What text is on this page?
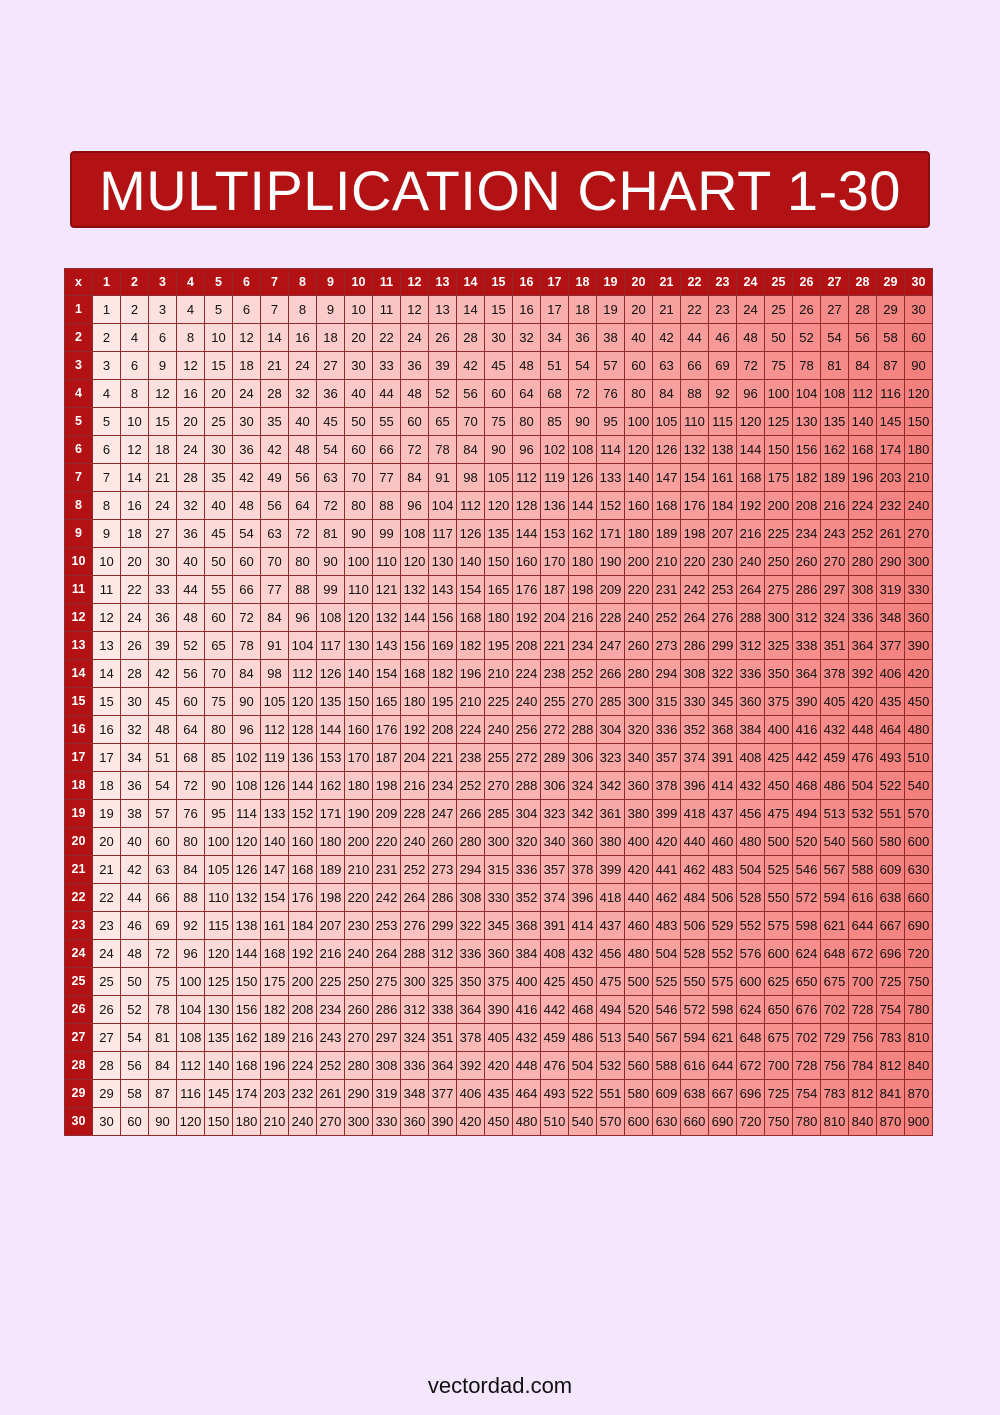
MULTIPLICATION CHART 1-30
x	1	2	3	4	5	6	7	8	9	10	11	12	13	14	15	16	17	18	19	20	21	22	23	24	25	26	27	28	29	30
1	1	2	3	4	5	6	7	8	9	10	11	12	13	14	15	16	17	18	19	20	21	22	23	24	25	26	27	28	29	30
2	2	4	6	8	10	12	14	16	18	20	22	24	26	28	30	32	34	36	38	40	42	44	46	48	50	52	54	56	58	60
3	3	6	9	12	15	18	21	24	27	30	33	36	39	42	45	48	51	54	57	60	63	66	69	72	75	78	81	84	87	90
4	4	8	12	16	20	24	28	32	36	40	44	48	52	56	60	64	68	72	76	80	84	88	92	96	100	104	108	112	116	120
5	5	10	15	20	25	30	35	40	45	50	55	60	65	70	75	80	85	90	95	100	105	110	115	120	125	130	135	140	145	150
6	6	12	18	24	30	36	42	48	54	60	66	72	78	84	90	96	102	108	114	120	126	132	138	144	150	156	162	168	174	180
7	7	14	21	28	35	42	49	56	63	70	77	84	91	98	105	112	119	126	133	140	147	154	161	168	175	182	189	196	203	210
8	8	16	24	32	40	48	56	64	72	80	88	96	104	112	120	128	136	144	152	160	168	176	184	192	200	208	216	224	232	240
9	9	18	27	36	45	54	63	72	81	90	99	108	117	126	135	144	153	162	171	180	189	198	207	216	225	234	243	252	261	270
10	10	20	30	40	50	60	70	80	90	100	110	120	130	140	150	160	170	180	190	200	210	220	230	240	250	260	270	280	290	300
11	11	22	33	44	55	66	77	88	99	110	121	132	143	154	165	176	187	198	209	220	231	242	253	264	275	286	297	308	319	330
12	12	24	36	48	60	72	84	96	108	120	132	144	156	168	180	192	204	216	228	240	252	264	276	288	300	312	324	336	348	360
13	13	26	39	52	65	78	91	104	117	130	143	156	169	182	195	208	221	234	247	260	273	286	299	312	325	338	351	364	377	390
14	14	28	42	56	70	84	98	112	126	140	154	168	182	196	210	224	238	252	266	280	294	308	322	336	350	364	378	392	406	420
15	15	30	45	60	75	90	105	120	135	150	165	180	195	210	225	240	255	270	285	300	315	330	345	360	375	390	405	420	435	450
16	16	32	48	64	80	96	112	128	144	160	176	192	208	224	240	256	272	288	304	320	336	352	368	384	400	416	432	448	464	480
17	17	34	51	68	85	102	119	136	153	170	187	204	221	238	255	272	289	306	323	340	357	374	391	408	425	442	459	476	493	510
18	18	36	54	72	90	108	126	144	162	180	198	216	234	252	270	288	306	324	342	360	378	396	414	432	450	468	486	504	522	540
19	19	38	57	76	95	114	133	152	171	190	209	228	247	266	285	304	323	342	361	380	399	418	437	456	475	494	513	532	551	570
20	20	40	60	80	100	120	140	160	180	200	220	240	260	280	300	320	340	360	380	400	420	440	460	480	500	520	540	560	580	600
21	21	42	63	84	105	126	147	168	189	210	231	252	273	294	315	336	357	378	399	420	441	462	483	504	525	546	567	588	609	630
22	22	44	66	88	110	132	154	176	198	220	242	264	286	308	330	352	374	396	418	440	462	484	506	528	550	572	594	616	638	660
23	23	46	69	92	115	138	161	184	207	230	253	276	299	322	345	368	391	414	437	460	483	506	529	552	575	598	621	644	667	690
24	24	48	72	96	120	144	168	192	216	240	264	288	312	336	360	384	408	432	456	480	504	528	552	576	600	624	648	672	696	720
25	25	50	75	100	125	150	175	200	225	250	275	300	325	350	375	400	425	450	475	500	525	550	575	600	625	650	675	700	725	750
26	26	52	78	104	130	156	182	208	234	260	286	312	338	364	390	416	442	468	494	520	546	572	598	624	650	676	702	728	754	780
27	27	54	81	108	135	162	189	216	243	270	297	324	351	378	405	432	459	486	513	540	567	594	621	648	675	702	729	756	783	810
28	28	56	84	112	140	168	196	224	252	280	308	336	364	392	420	448	476	504	532	560	588	616	644	672	700	728	756	784	812	840
29	29	58	87	116	145	174	203	232	261	290	319	348	377	406	435	464	493	522	551	580	609	638	667	696	725	754	783	812	841	870
30	30	60	90	120	150	180	210	240	270	300	330	360	390	420	450	480	510	540	570	600	630	660	690	720	750	780	810	840	870	900
vectordad.com
